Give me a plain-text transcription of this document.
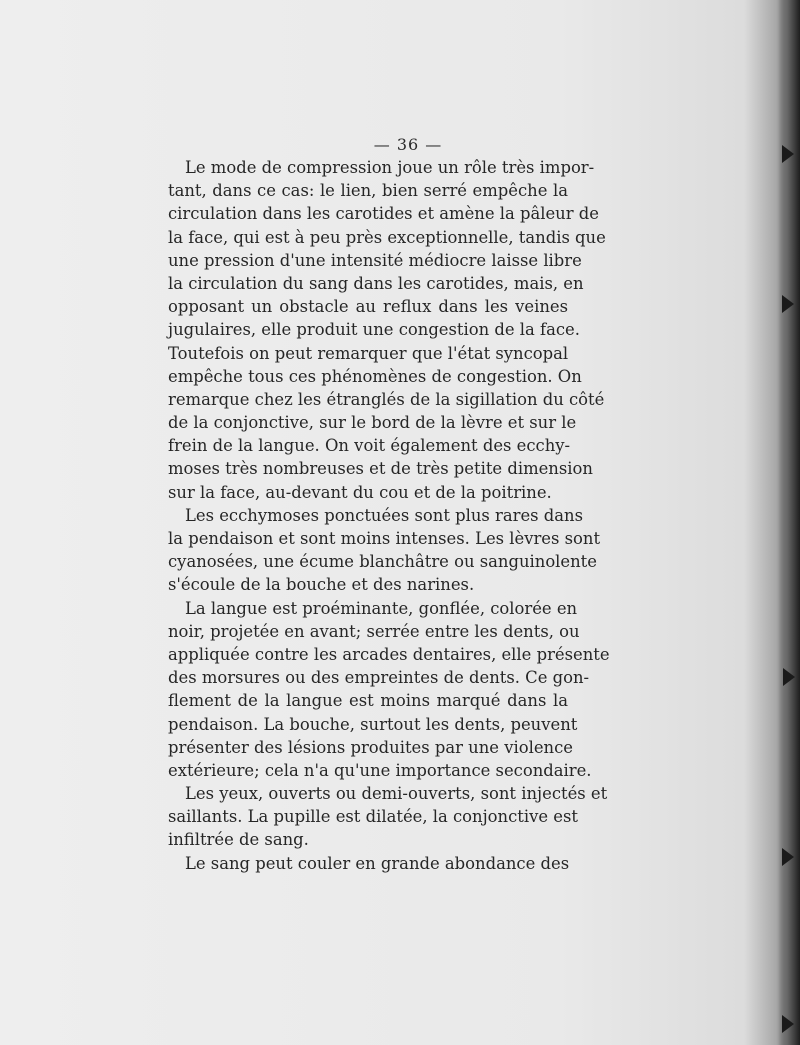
— 36 —
Le mode de compression joue un rôle très impor-
tant, dans ce cas: le lien, bien serré empêche la
circulation dans les carotides et amène la pâleur de
la face, qui est à peu près exceptionnelle, tandis que
une pression d'une intensité médiocre laisse libre
la circulation du sang dans les carotides, mais, en
opposant un obstacle au reflux dans les veines
jugulaires, elle produit une congestion de la face.
Toutefois on peut remarquer que l'état syncopal
empêche tous ces phénomènes de congestion. On
remarque chez les étranglés de la sigillation du côté
de la conjonctive, sur le bord de la lèvre et sur le
frein de la langue. On voit également des ecchy-
moses très nombreuses et de très petite dimension
sur la face, au-devant du cou et de la poitrine.
Les ecchymoses ponctuées sont plus rares dans
la pendaison et sont moins intenses. Les lèvres sont
cyanosées, une écume blanchâtre ou sanguinolente
s'écoule de la bouche et des narines.
La langue est proéminante, gonflée, colorée en
noir, projetée en avant; serrée entre les dents, ou
appliquée contre les arcades dentaires, elle présente
des morsures ou des empreintes de dents. Ce gon-
flement de la langue est moins marqué dans la
pendaison. La bouche, surtout les dents, peuvent
présenter des lésions produites par une violence
extérieure; cela n'a qu'une importance secondaire.
Les yeux, ouverts ou demi-ouverts, sont injectés et
saillants. La pupille est dilatée, la conjonctive est
infiltrée de sang.
Le sang peut couler en grande abondance des
